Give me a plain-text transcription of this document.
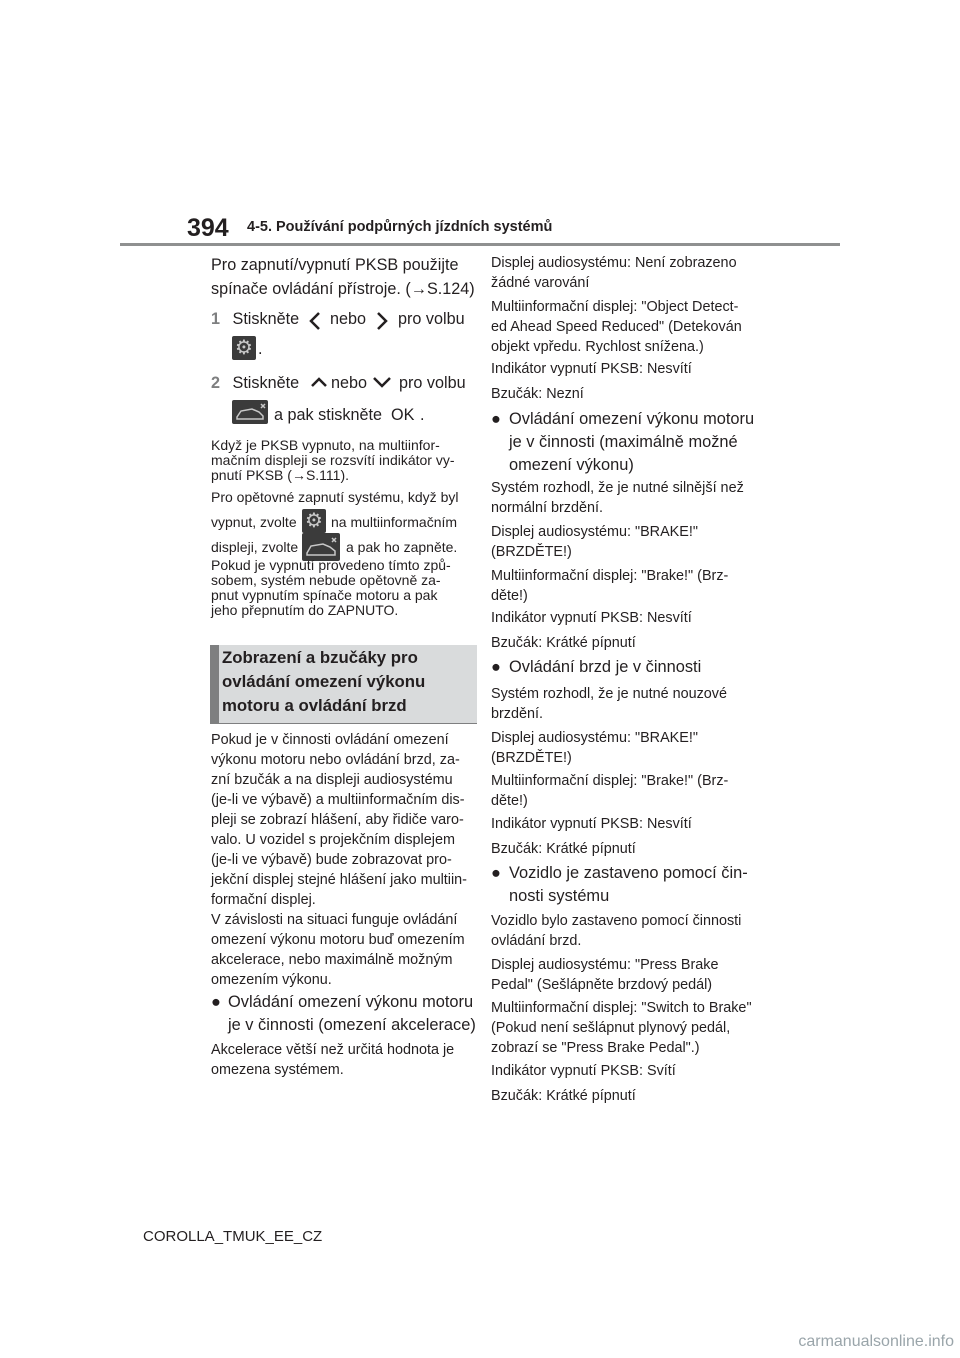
394 4-5. Používání podpůrných jízdních systémů
Pro zapnutí/vypnutí PKSB použijte
spínače ovládání přístroje. (→S.124)
1 Stiskněte nebo pro volbu
⚙
.
2 Stiskněte nebo pro volbu
a pak stiskněte OK .
Když je PKSB vypnuto, na multiinfor-
mačním displeji se rozsvítí indikátor vy-
pnutí PKSB (→S.111).
Pro opětovné zapnutí systému, když byl
vypnut, zvolte
⚙ na multiinformačním
displeji, zvolte	a pak ho zapněte.
Pokud je vypnutí provedeno tímto způ-
sobem, systém nebude opětovně za-
pnut vypnutím spínače motoru a pak
jeho přepnutím do ZAPNUTO.
Zobrazení a bzučáky pro
ovládání omezení výkonu
motoru a ovládání brzd
Pokud je v činnosti ovládání omezení
výkonu motoru nebo ovládání brzd, za-
zní bzučák a na displeji audiosystému
(je-li ve výbavě) a multiinformačním dis-
pleji se zobrazí hlášení, aby řidiče varo-
valo. U vozidel s projekčním displejem
(je-li ve výbavě) bude zobrazovat pro-
jekční displej stejné hlášení jako multiin-
formační displej.
V závislosti na situaci funguje ovládání
omezení výkonu motoru buď omezením
akcelerace, nebo maximálně možným
omezením výkonu.
● Ovládání omezení výkonu motoru
je v činnosti (omezení akcelerace)
Akcelerace větší než určitá hodnota je
omezena systémem.
Displej audiosystému: Není zobrazeno
žádné varování
Multiinformační displej: "Object Detect-
ed Ahead Speed Reduced" (Detekován
objekt vpředu. Rychlost snížena.)
Indikátor vypnutí PKSB: Nesvítí
Bzučák: Nezní
● Ovládání omezení výkonu motoru
je v činnosti (maximálně možné
omezení výkonu)
Systém rozhodl, že je nutné silnější než
normální brzdění.
Displej audiosystému: "BRAKE!"
(BRZDĚTE!)
Multiinformační displej: "Brake!" (Brz-
děte!)
Indikátor vypnutí PKSB: Nesvítí
Bzučák: Krátké pípnutí
● Ovládání brzd je v činnosti
Systém rozhodl, že je nutné nouzové
brzdění.
Displej audiosystému: "BRAKE!"
(BRZDĚTE!)
Multiinformační displej: "Brake!" (Brz-
děte!)
Indikátor vypnutí PKSB: Nesvítí
Bzučák: Krátké pípnutí
● Vozidlo je zastaveno pomocí čin-
nosti systému
Vozidlo bylo zastaveno pomocí činnosti
ovládání brzd.
Displej audiosystému: "Press Brake
Pedal" (Sešlápněte brzdový pedál)
Multiinformační displej: "Switch to Brake"
(Pokud není sešlápnut plynový pedál,
zobrazí se "Press Brake Pedal".)
Indikátor vypnutí PKSB: Svítí
Bzučák: Krátké pípnutí
COROLLA_TMUK_EE_CZ
carmanualsonline.info
